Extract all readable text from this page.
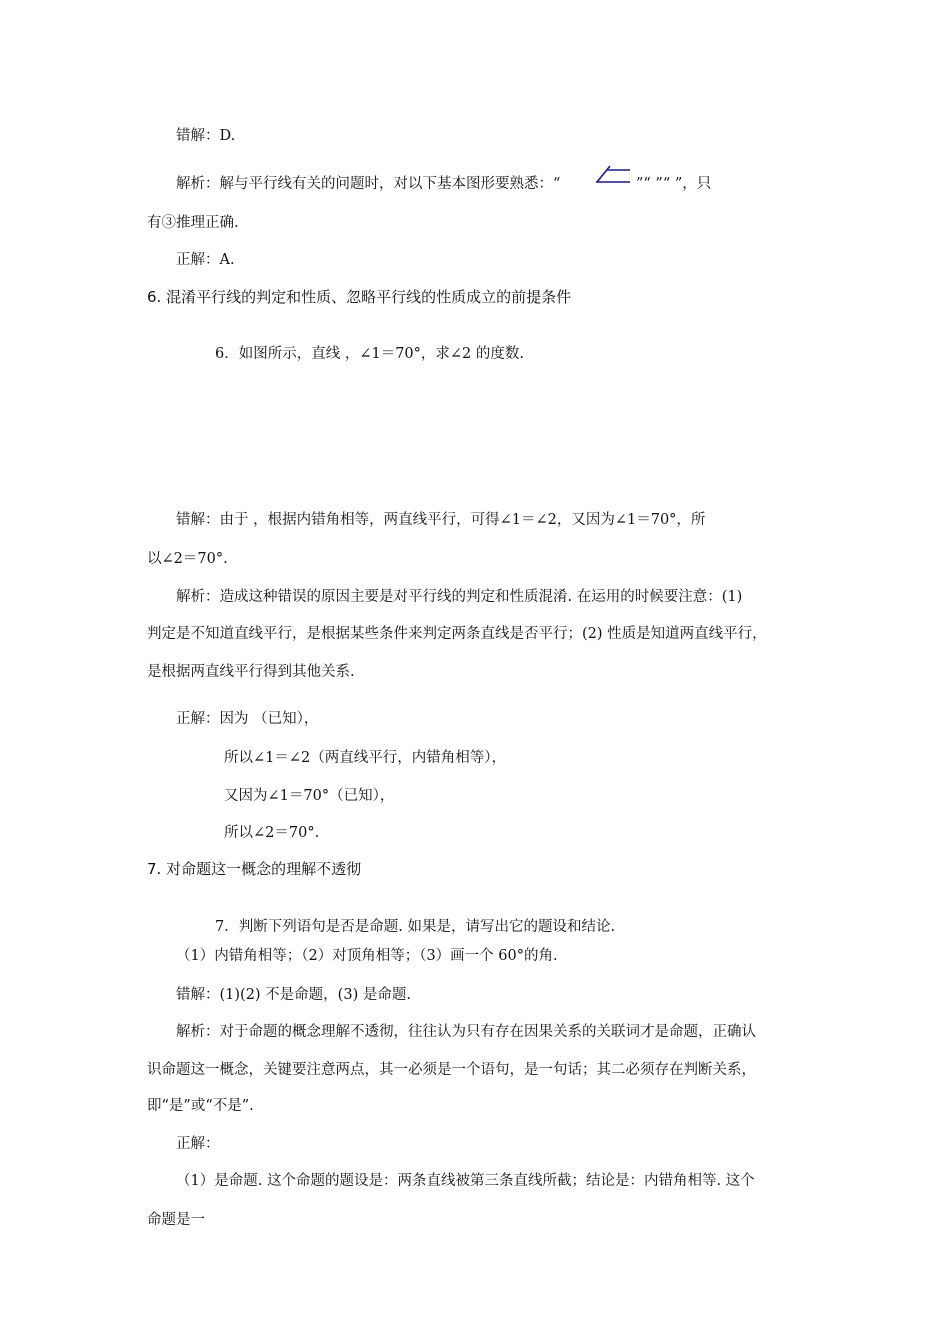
错解：D.
解析：解与平行线有关的问题时，对以下基本图形要熟悉：“	”“ ”“ ”，只
有③推理正确.
正解：A.
6. 混淆平行线的判定和性质、忽略平行线的性质成立的前提条件
6．如图所示，直线 ，∠1＝70°，求∠2 的度数.
错解：由于 ，根据内错角相等，两直线平行，可得∠1＝∠2，又因为∠1＝70°，所
以∠2＝70°.
解析：造成这种错误的原因主要是对平行线的判定和性质混淆. 在运用的时候要注意：(1)
判定是不知道直线平行，是根据某些条件来判定两条直线是否平行；(2) 性质是知道两直线平行，
是根据两直线平行得到其他关系.
正解：因为 （已知），
所以∠1＝∠2（两直线平行，内错角相等），
又因为∠1＝70°（已知），
所以∠2＝70°.
7. 对命题这一概念的理解不透彻
7．判断下列语句是否是命题. 如果是，请写出它的题设和结论.
（1）内错角相等；（2）对顶角相等；（3）画一个 60°的角.
错解：(1)(2) 不是命题，(3) 是命题.
解析：对于命题的概念理解不透彻，往往认为只有存在因果关系的关联词才是命题，正确认
识命题这一概念，关键要注意两点，其一必须是一个语句，是一句话；其二必须存在判断关系，
即“是”或“不是”.
正解：
（1）是命题. 这个命题的题设是：两条直线被第三条直线所截；结论是：内错角相等. 这个
命题是一
